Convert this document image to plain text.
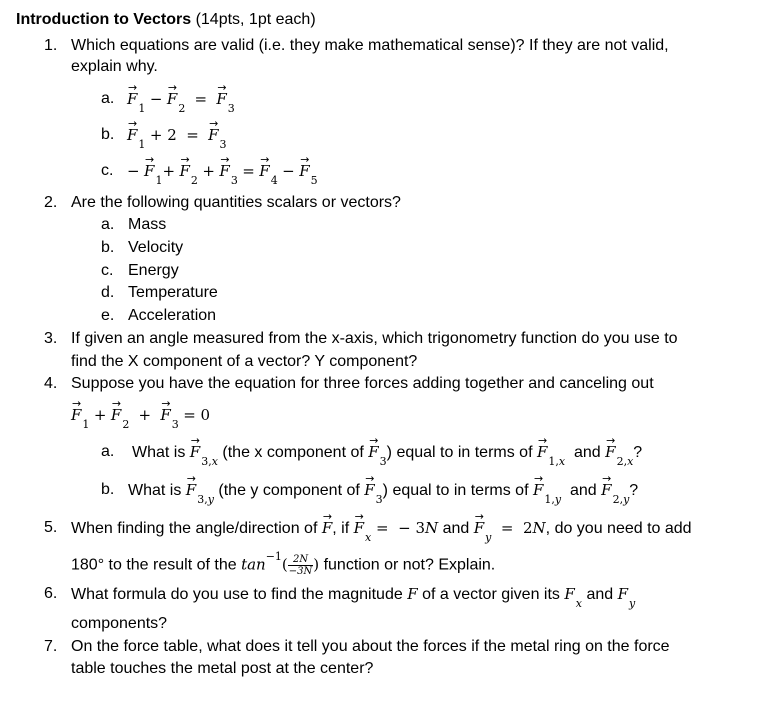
Introduction to Vectors (14pts, 1pt each)
1. Which equations are valid (i.e. they make mathematical sense)? If they are not valid,
explain why.
a. → $F_1$ − → $F_2$  =  → $F_3$
b. → $F_1 + 2$  =  → $F_3$
c. − → $F_1+ \to F_2$ + → $F_3$ = → $F_4$ − → $F_5$
2. Are the following quantities scalars or vectors?
a. Mass
b. Velocity
c. Energy
d. Temperature
e. Acceleration
3. If given an angle measured from the x-axis, which trigonometry function do you use to
find the X component of a vector? Y component?
4. Suppose you have the equation for three forces adding together and canceling out
→ $F_1$ + → $F_2$  +  → $F_3 = 0$
a. What is → $F_{3,x}$ (the x component of → $F_3$) equal to in terms of → $F_{1,x}$  and → $F_{2,x}$?
b. What is → $F_{3,y}$ (the y component of → $F_3$) equal to in terms of → $F_{1,y}$  and → $F_{2,y}$?
5. When finding the angle/direction of → F, if → $F_x$ =  − 3N and → $F_y = 2N$, do you need to add
180° to the result of the $\tan^{-1}( \frac{2N}{-3N}$ ) function or not? Explain.
6. What formula do you use to find the magnitude F of a vector given its $F_x$ and $F_y$
components?
7. On the force table, what does it tell you about the forces if the metal ring on the force
table touches the metal post at the center?
